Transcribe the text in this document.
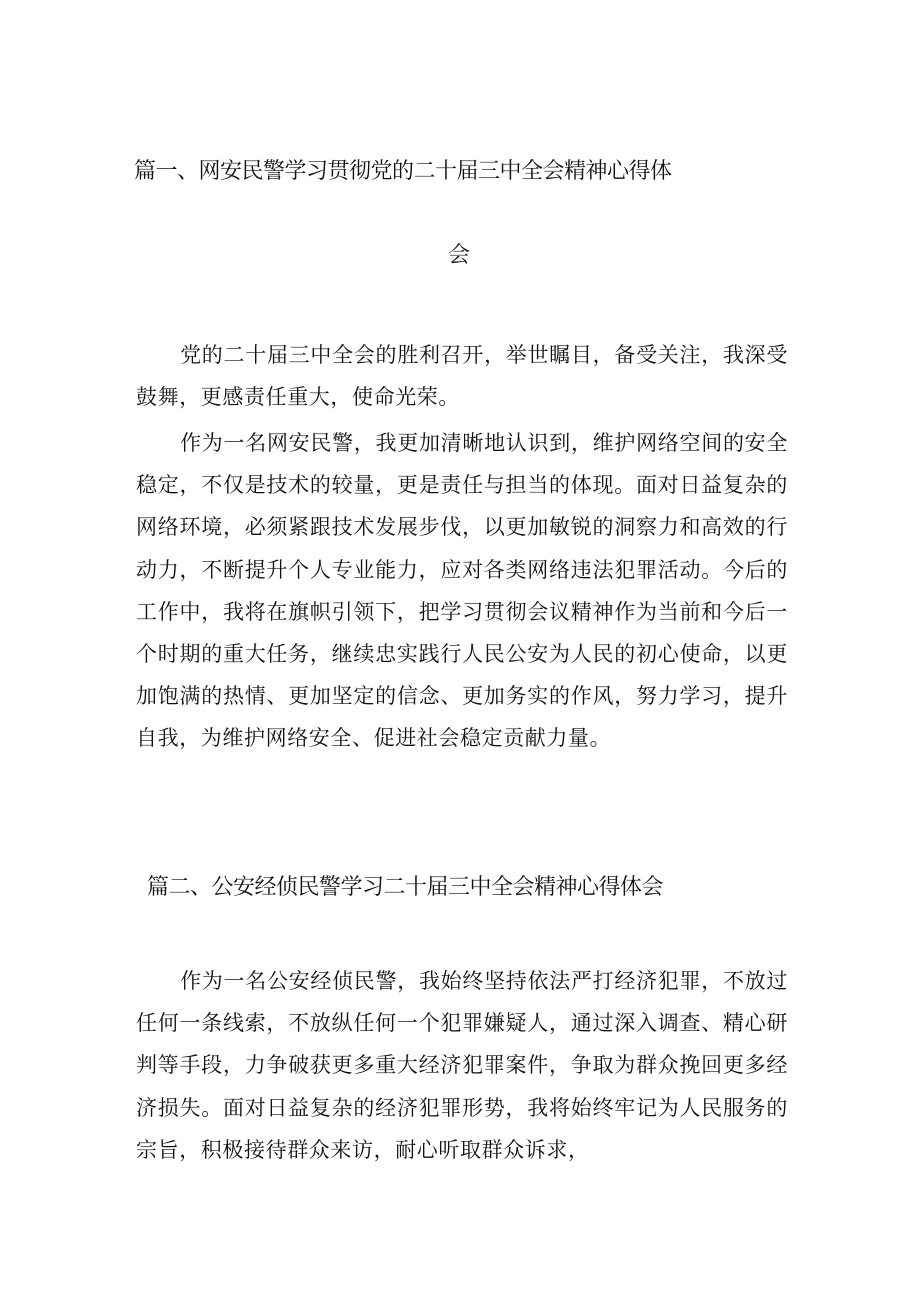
篇一、网安民警学习贯彻党的二十届三中全会精神心得体
会

党的二十届三中全会的胜利召开，举世瞩目，备受关注，我深受鼓舞，更感责任重大，使命光荣。

作为一名网安民警，我更加清晰地认识到，维护网络空间的安全稳定，不仅是技术的较量，更是责任与担当的体现。面对日益复杂的网络环境，必须紧跟技术发展步伐，以更加敏锐的洞察力和高效的行动力，不断提升个人专业能力，应对各类网络违法犯罪活动。今后的工作中，我将在旗帜引领下，把学习贯彻会议精神作为当前和今后一个时期的重大任务，继续忠实践行人民公安为人民的初心使命，以更加饱满的热情、更加坚定的信念、更加务实的作风，努力学习，提升自我，为维护网络安全、促进社会稳定贡献力量。

篇二、公安经侦民警学习二十届三中全会精神心得体会

作为一名公安经侦民警，我始终坚持依法严打经济犯罪，不放过任何一条线索，不放纵任何一个犯罪嫌疑人，通过深入调查、精心研判等手段，力争破获更多重大经济犯罪案件，争取为群众挽回更多经济损失。面对日益复杂的经济犯罪形势，我将始终牢记为人民服务的宗旨，积极接待群众来访，耐心听取群众诉求，
